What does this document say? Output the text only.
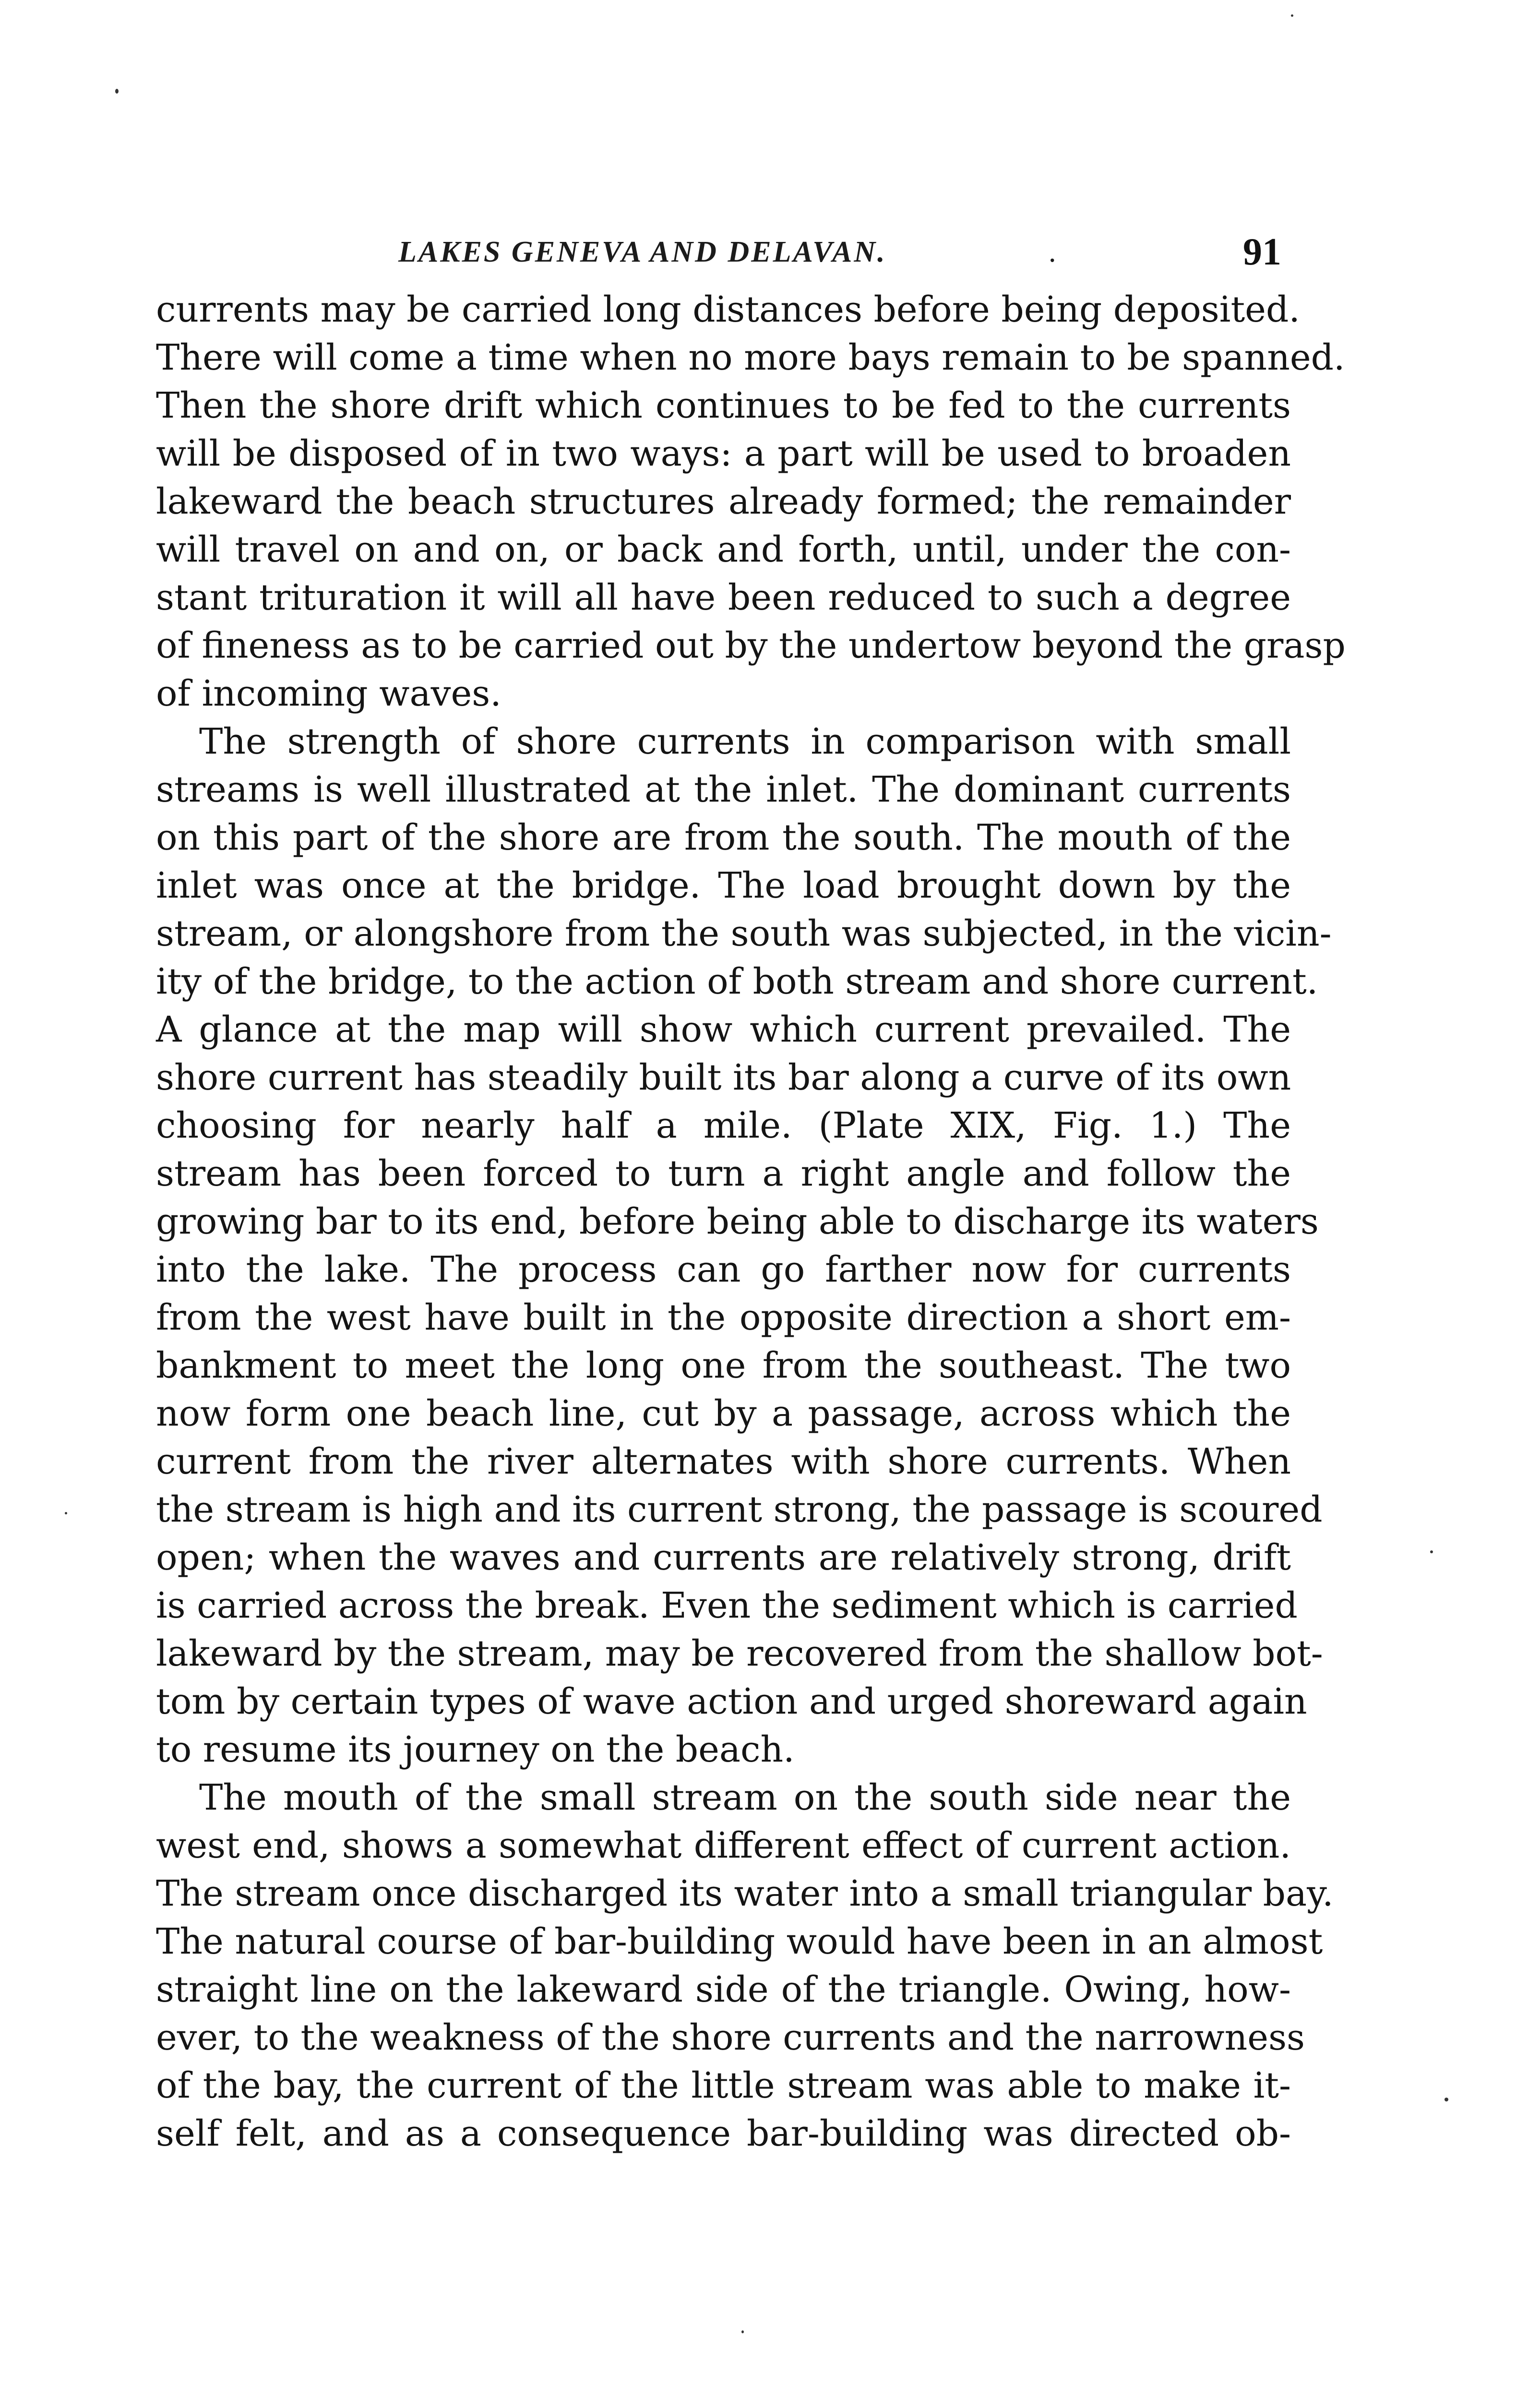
LAKES GENEVA AND DELAVAN.	.	91
currents may be carried long distances before being deposited.
There will come a time when no more bays remain to be spanned.
Then the shore drift which continues to be fed to the currents
will be disposed of in two ways: a part will be used to broaden
lakeward the beach structures already formed; the remainder
will travel on and on, or back and forth, until, under the con-
stant trituration it will all have been reduced to such a degree
of fineness as to be carried out by the undertow beyond the grasp
of incoming waves.
The strength of shore currents in comparison with small
streams is well illustrated at the inlet. The dominant currents
on this part of the shore are from the south. The mouth of the
inlet was once at the bridge. The load brought down by the
stream, or alongshore from the south was subjected, in the vicin-
ity of the bridge, to the action of both stream and shore current.
A glance at the map will show which current prevailed. The
shore current has steadily built its bar along a curve of its own
choosing for nearly half a mile. (Plate XIX, Fig. 1.) The
stream has been forced to turn a right angle and follow the
growing bar to its end, before being able to discharge its waters
into the lake. The process can go farther now for currents
from the west have built in the opposite direction a short em-
bankment to meet the long one from the southeast. The two
now form one beach line, cut by a passage, across which the
current from the river alternates with shore currents. When
the stream is high and its current strong, the passage is scoured
open; when the waves and currents are relatively strong, drift
is carried across the break. Even the sediment which is carried
lakeward by the stream, may be recovered from the shallow bot-
tom by certain types of wave action and urged shoreward again
to resume its journey on the beach.
The mouth of the small stream on the south side near the
west end, shows a somewhat different effect of current action.
The stream once discharged its water into a small triangular bay.
The natural course of bar-building would have been in an almost
straight line on the lakeward side of the triangle. Owing, how-
ever, to the weakness of the shore currents and the narrowness
of the bay, the current of the little stream was able to make it-
self felt, and as a consequence bar-building was directed ob-
